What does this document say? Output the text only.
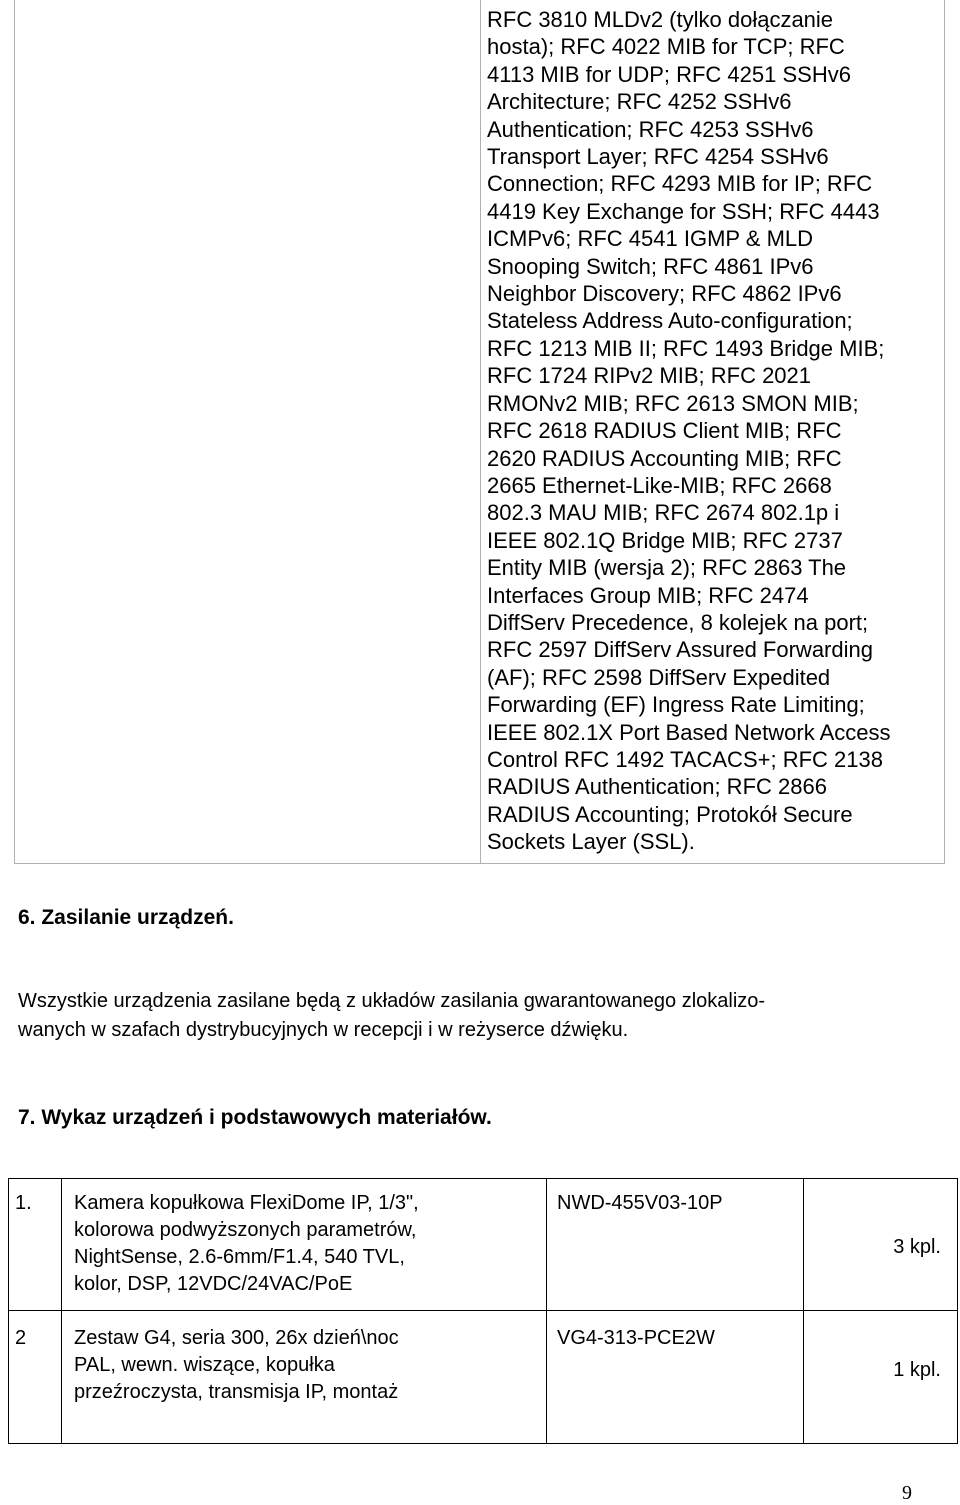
RFC 3810 MLDv2 (tylko dołączanie
hosta); RFC 4022 MIB for TCP; RFC
4113 MIB for UDP; RFC 4251 SSHv6
Architecture; RFC 4252 SSHv6
Authentication; RFC 4253 SSHv6
Transport Layer; RFC 4254 SSHv6
Connection; RFC 4293 MIB for IP; RFC
4419 Key Exchange for SSH; RFC 4443
ICMPv6; RFC 4541 IGMP & MLD
Snooping Switch; RFC 4861 IPv6
Neighbor Discovery; RFC 4862 IPv6
Stateless Address Auto-configuration;
RFC 1213 MIB II; RFC 1493 Bridge MIB;
RFC 1724 RIPv2 MIB; RFC 2021
RMONv2 MIB; RFC 2613 SMON MIB;
RFC 2618 RADIUS Client MIB; RFC
2620 RADIUS Accounting MIB; RFC
2665 Ethernet-Like-MIB; RFC 2668
802.3 MAU MIB; RFC 2674 802.1p i
IEEE 802.1Q Bridge MIB; RFC 2737
Entity MIB (wersja 2); RFC 2863 The
Interfaces Group MIB; RFC 2474
DiffServ Precedence, 8 kolejek na port;
RFC 2597 DiffServ Assured Forwarding
(AF); RFC 2598 DiffServ Expedited
Forwarding (EF) Ingress Rate Limiting;
IEEE 802.1X Port Based Network Access
Control RFC 1492 TACACS+; RFC 2138
RADIUS Authentication; RFC 2866
RADIUS Accounting; Protokół Secure
Sockets Layer (SSL).
6. Zasilanie urządzeń.
Wszystkie urządzenia zasilane będą z układów zasilania gwarantowanego zlokalizo-
wanych w szafach dystrybucyjnych w recepcji i w reżyserce dźwięku.
7. Wykaz urządzeń i podstawowych materiałów.
1. Kamera kopułkowa FlexiDome IP, 1/3",
kolorowa podwyższonych parametrów,
NightSense, 2.6-6mm/F1.4, 540 TVL,
kolor, DSP, 12VDC/24VAC/PoE
NWD-455V03-10P
3 kpl.
2 Zestaw G4, seria 300, 26x dzień\noc
PAL, wewn. wiszące, kopułka
przeźroczysta, transmisja IP, montaż
VG4-313-PCE2W
1 kpl.
9
